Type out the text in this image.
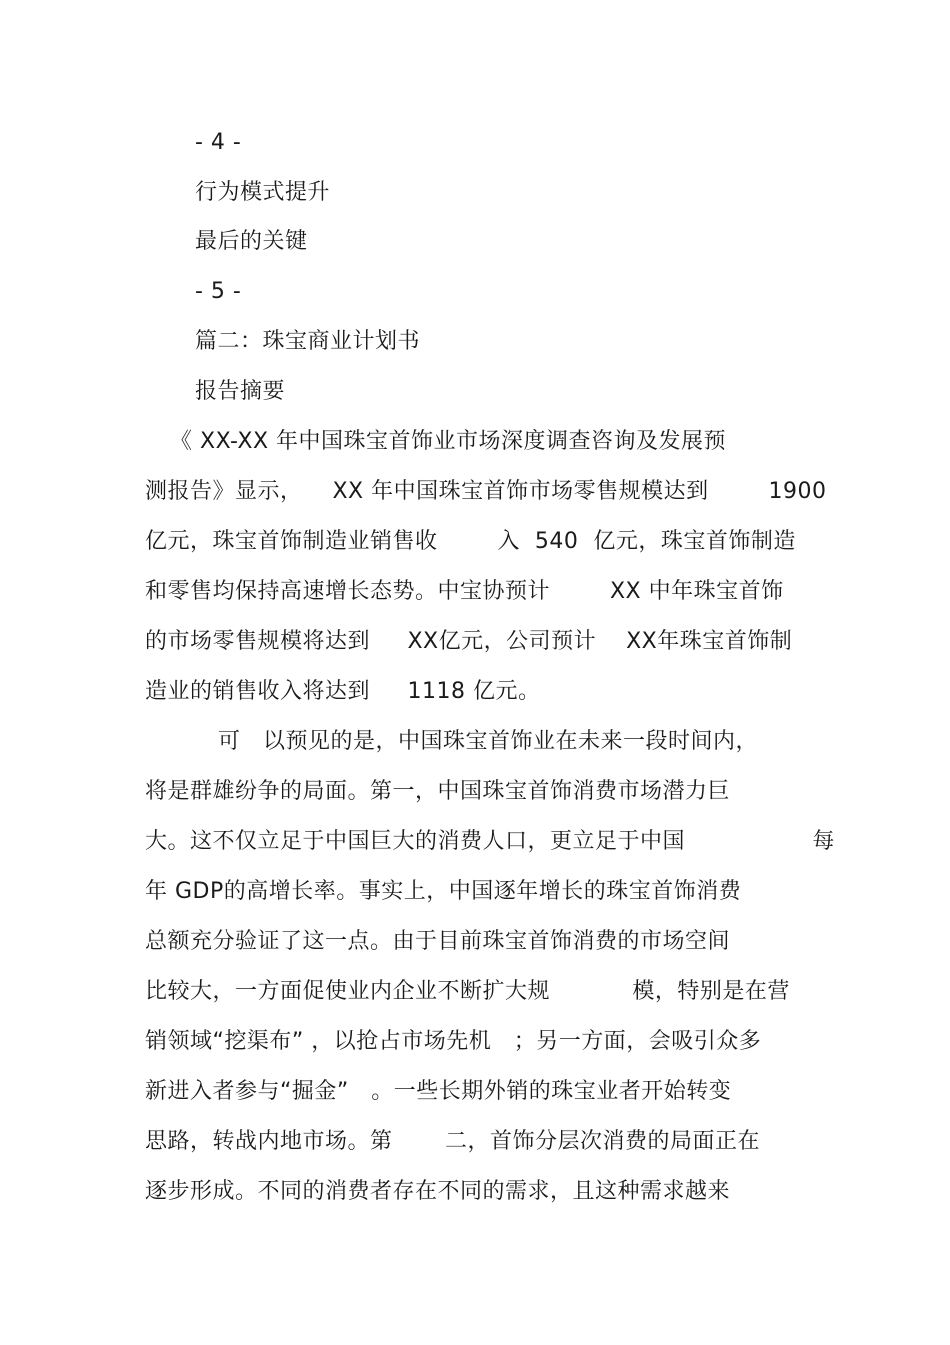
- 4 -
行为模式提升
最后的关键
- 5 -
篇二：珠宝商业计划书
报告摘要
《 XX-XX 年中国珠宝首饰业市场深度调查咨询及发展预
测报告》显示，    XX 年中国珠宝首饰市场零售规模达到        1900
亿元，珠宝首饰制造业销售收        入  540  亿元，珠宝首饰制造
和零售均保持高速增长态势。中宝协预计        XX 中年珠宝首饰
的市场零售规模将达到     XX亿元，公司预计    XX年珠宝首饰制
造业的销售收入将达到     1118 亿元。
可   以预见的是，中国珠宝首饰业在未来一段时间内，
将是群雄纷争的局面。第一，中国珠宝首饰消费市场潜力巨
大。这不仅立足于中国巨大的消费人口，更立足于中国                 每
年 GDP的高增长率。事实上，中国逐年增长的珠宝首饰消费
总额充分验证了这一点。由于目前珠宝首饰消费的市场空间
比较大，一方面促使业内企业不断扩大规           模，特别是在营
销领域“挖渠布” ，以抢占市场先机   ；另一方面，会吸引众多
新进入者参与“掘金”   。一些长期外销的珠宝业者开始转变
思路，转战内地市场。第       二，首饰分层次消费的局面正在
逐步形成。不同的消费者存在不同的需求，且这种需求越来
